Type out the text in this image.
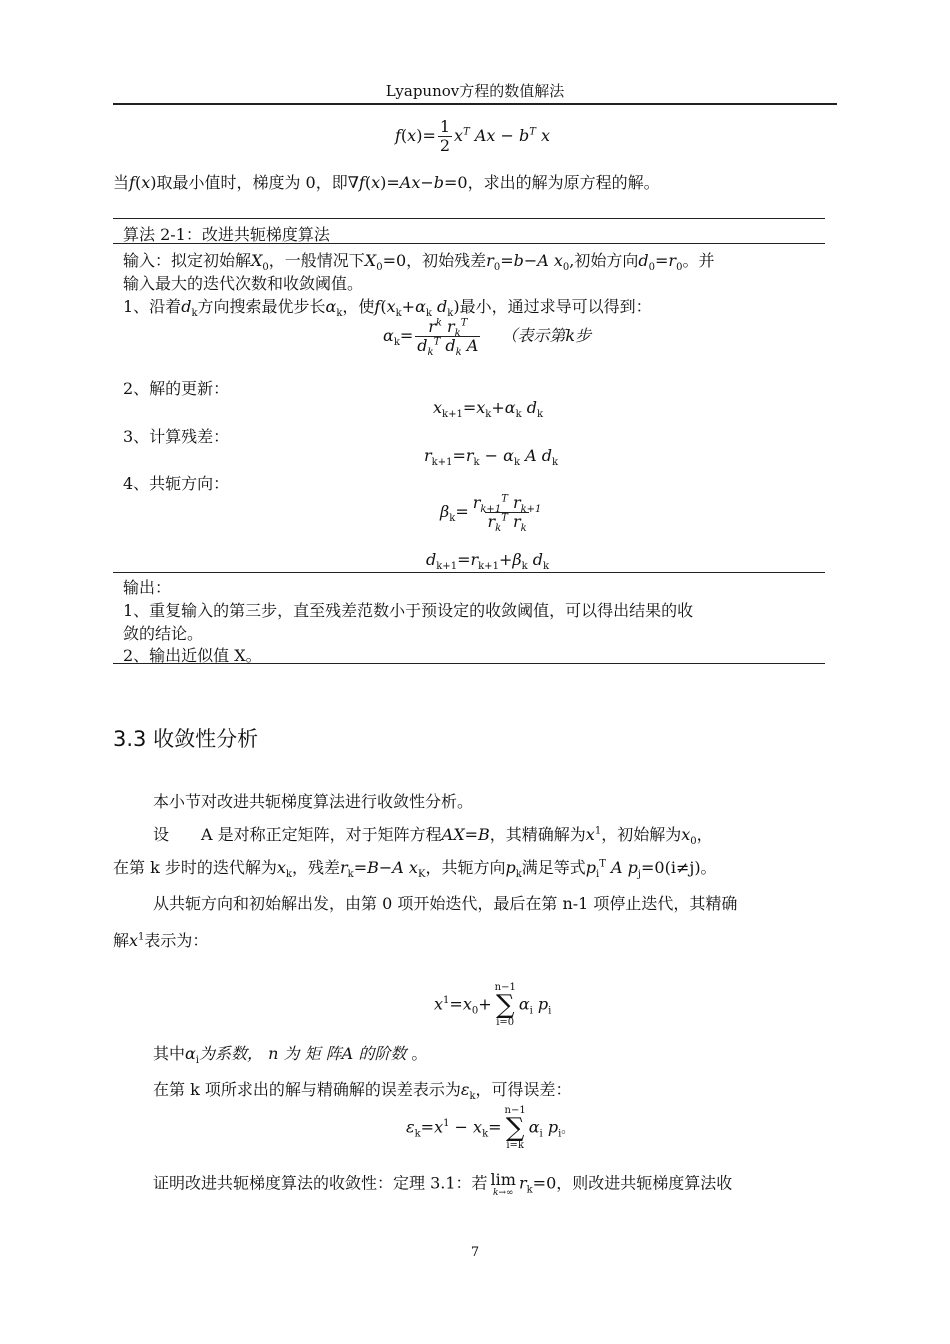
Lyapunov方程的数值解法
$f(x)= \frac{1}{2} x^T$ $Ax - b^T$ x
当f(x)取最小值时，梯度为 0，即∇f(x)=Ax−b=0，求出的解为原方程的解。
算法 2-1：改进共轭梯度算法
输入：拟定初始解$X_0$，一般情况下$X_0=0$，初始残差$r_0=b-A$ $x_0$,初始方向$d_0=r_0$。并
输入最大的迭代次数和收敛阈值。
1、沿着$d_k$方向搜索最优步长$\alpha_k$，使$f(x_k+\alpha_k$ $d_k$)最小，通过求导可以得到：
$\alpha_k= \frac{r^k r_k^T}{d_k^T d_k A}$ （表示第k步
2、解的更新：
$x_{k+1}=x_k+\alpha_k$ $d_k$
3、计算残差：
$r_{k+1}=r_k - \alpha_k$ A $d_k$
4、共轭方向：
$\beta_k= \frac{r_{k+1}^T r_{k+1}}{r_k^T r_k}$
$d_{k+1}=r_{k+1}+\beta_k$ $d_k$
输出：
1、重复输入的第三步，直至残差范数小于预设定的收敛阈值，可以得出结果的收
敛的结论。
2、输出近似值 X。
3.3 收敛性分析
本小节对改进共轭梯度算法进行收敛性分析。
设　　A 是对称正定矩阵，对于矩阵方程AX=B，其精确解为$x^1$，初始解为$x_0$，
在第 k 步时的迭代解为$x_k$，残差$r_k=B-A$ $x_K$，共轭方向$p_k$满足等式$p_i^T$ A $p_j=0(i\ne j)$。
从共轭方向和初始解出发，由第 0 项开始迭代，最后在第 n-1 项停止迭代，其精确
解$x^1$表示为：
$x^1=x_0+$
n−1
∑
i=0
$\alpha_i$ $p_i$
其中$\alpha_i$为系数， n 为 矩 阵A 的阶数 。
在第 k 项所求出的解与精确解的误差表示为$\varepsilon_k$，可得误差：
$\varepsilon_k=x^1 - x_k=$
n−1
∑
i=k
$\alpha_i$ $p_i$。
证明改进共轭梯度算法的收敛性：定理 3.1：若 lim
k→∞
$r_k=0$，则改进共轭梯度算法收
7
